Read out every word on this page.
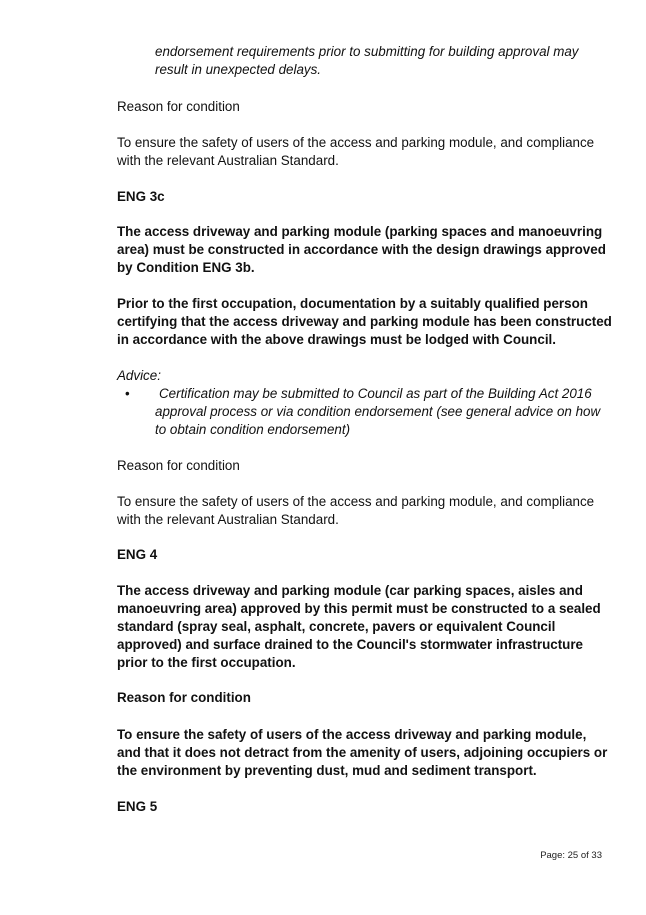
endorsement requirements prior to submitting for building approval may result in unexpected delays.

Reason for condition

To ensure the safety of users of the access and parking module, and compliance with the relevant Australian Standard.

ENG 3c

The access driveway and parking module (parking spaces and manoeuvring area) must be constructed in accordance with the design drawings approved by Condition ENG 3b.

Prior to the first occupation, documentation by a suitably qualified person certifying that the access driveway and parking module has been constructed in accordance with the above drawings must be lodged with Council.

Advice:

• Certification may be submitted to Council as part of the Building Act 2016 approval process or via condition endorsement (see general advice on how to obtain condition endorsement)

Reason for condition

To ensure the safety of users of the access and parking module, and compliance with the relevant Australian Standard.

ENG 4

The access driveway and parking module (car parking spaces, aisles and manoeuvring area) approved by this permit must be constructed to a sealed standard (spray seal, asphalt, concrete, pavers or equivalent Council approved) and surface drained to the Council's stormwater infrastructure prior to the first occupation.

Reason for condition

To ensure the safety of users of the access driveway and parking module, and that it does not detract from the amenity of users, adjoining occupiers or the environment by preventing dust, mud and sediment transport.

ENG 5

Page: 25 of 33
